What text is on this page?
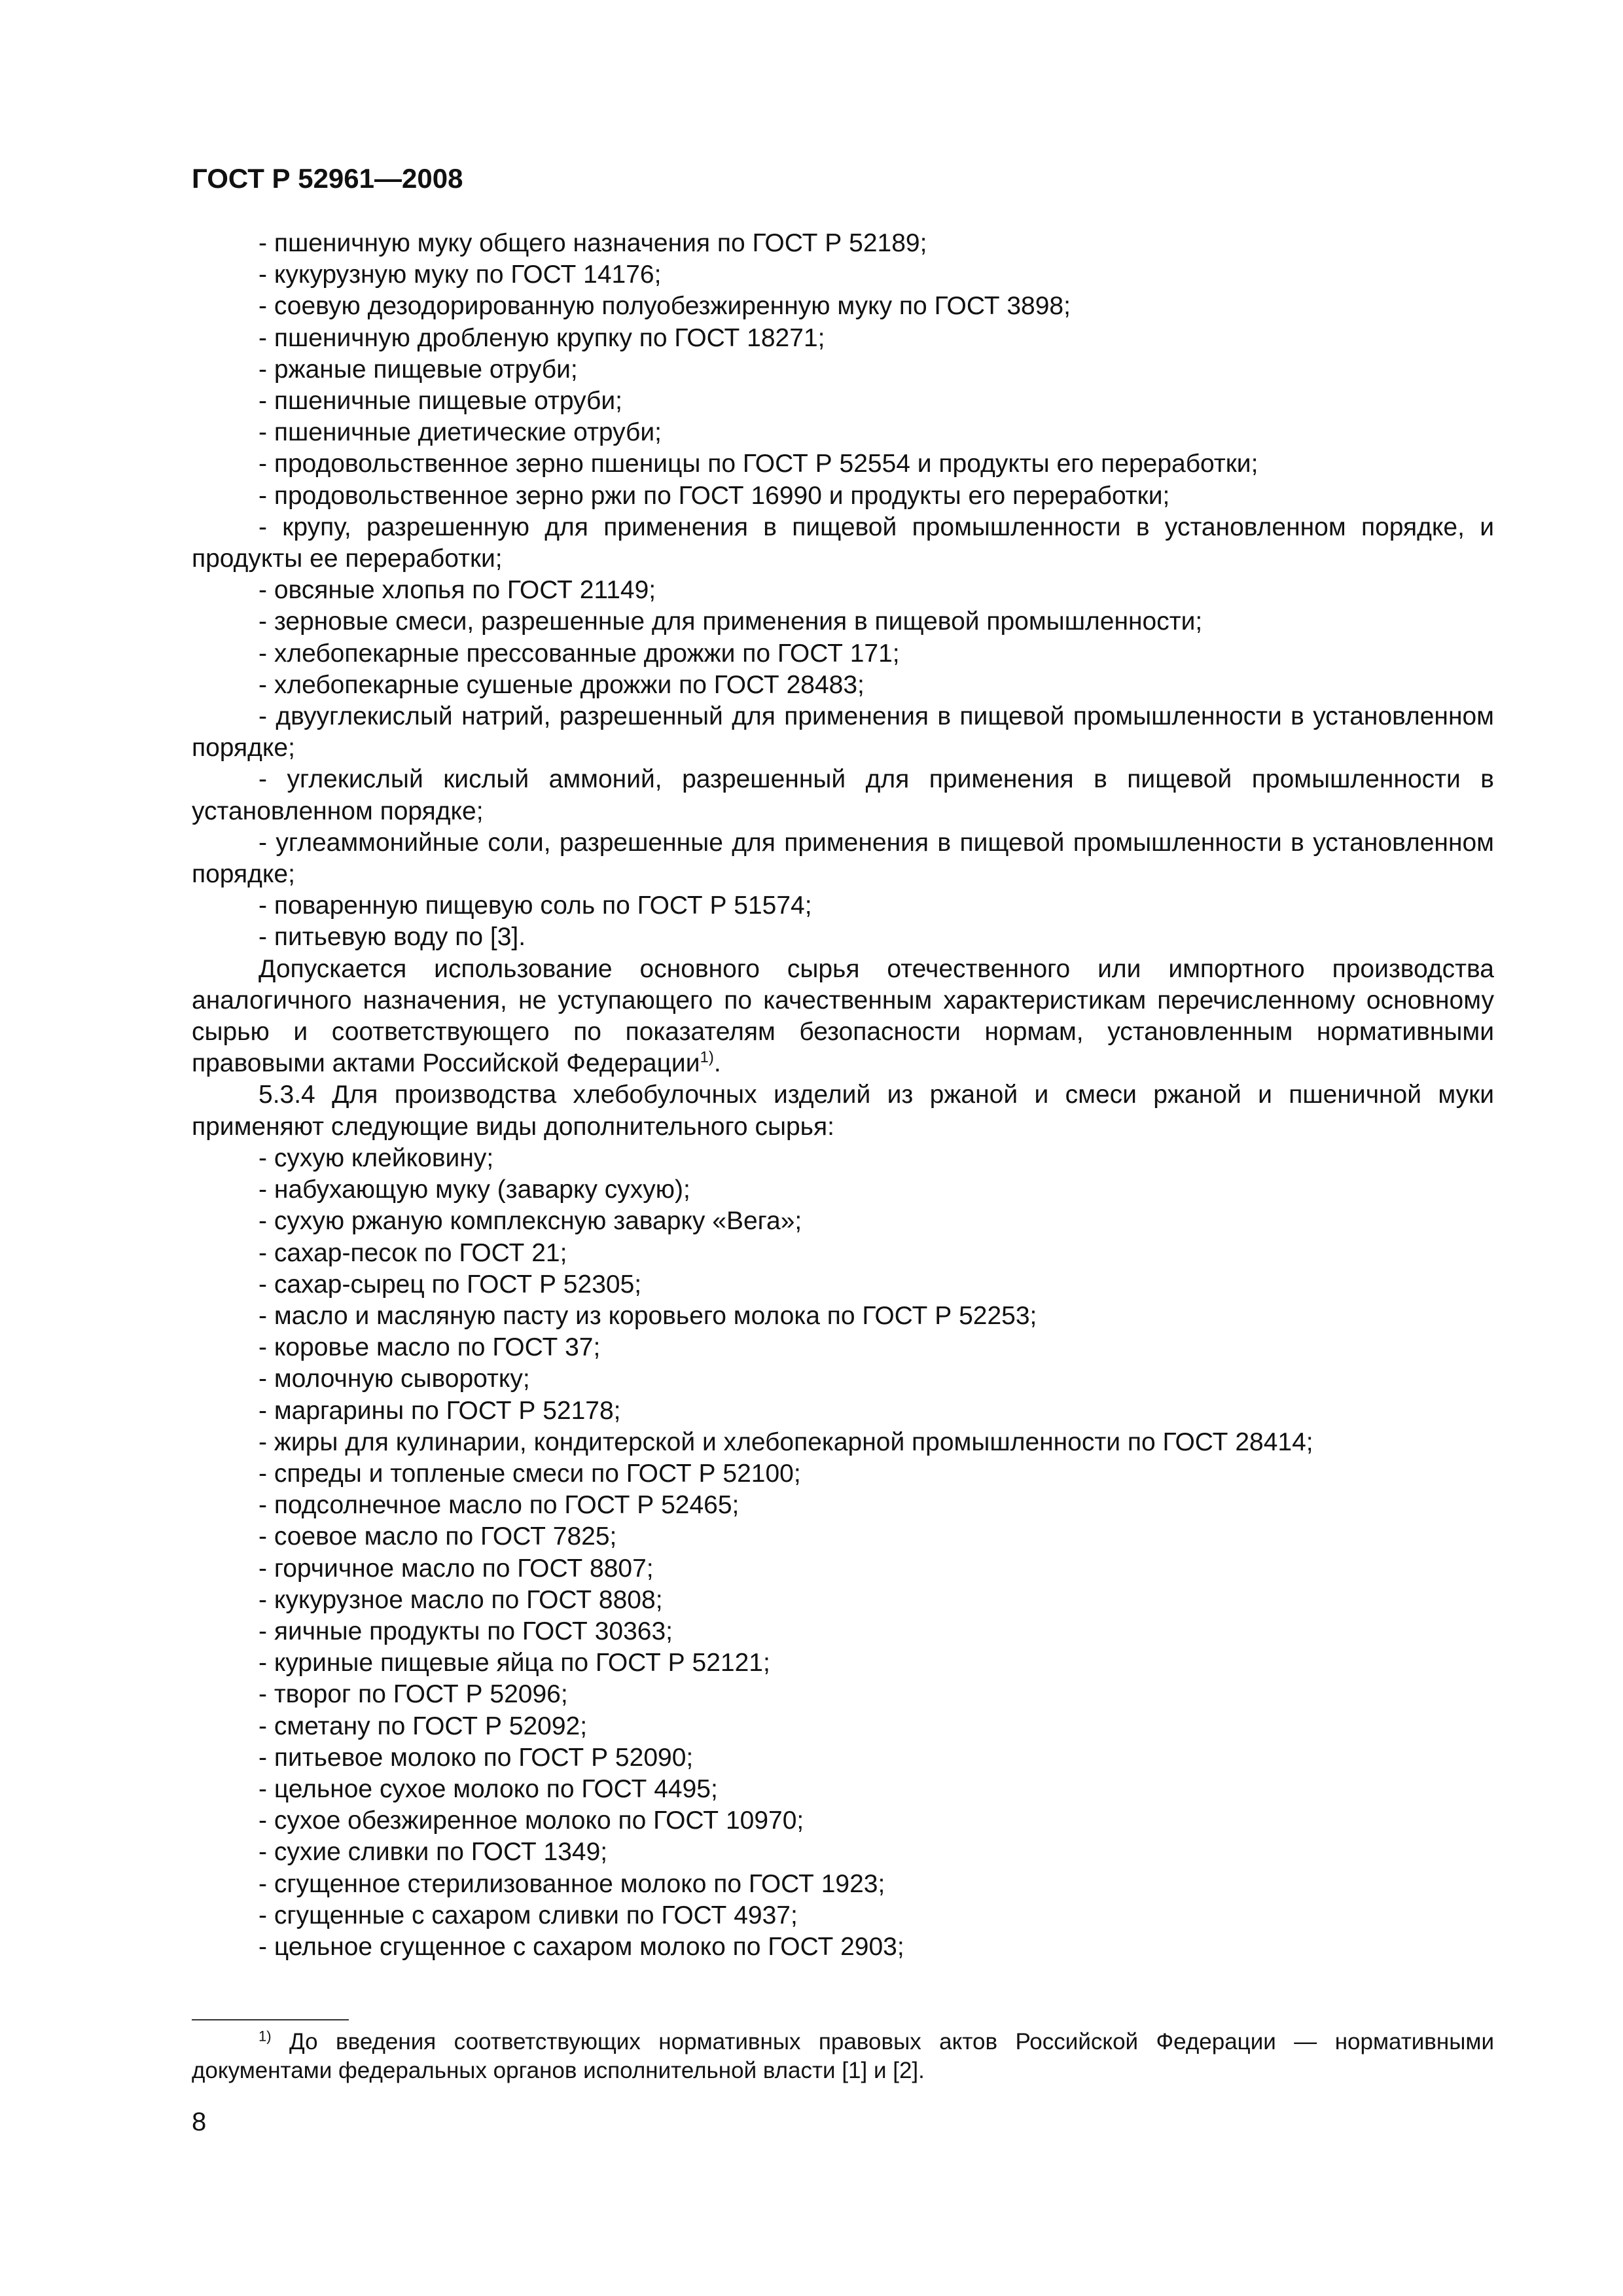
ГОСТ Р 52961—2008

- пшеничную муку общего назначения по ГОСТ Р 52189;

- кукурузную муку по ГОСТ 14176;

- соевую дезодорированную полуобезжиренную муку по ГОСТ 3898;

- пшеничную дробленую крупку по ГОСТ 18271;

- ржаные пищевые отруби;

- пшеничные пищевые отруби;

- пшеничные диетические отруби;

- продовольственное зерно пшеницы по ГОСТ Р 52554 и продукты его переработки;

- продовольственное зерно ржи по ГОСТ 16990 и продукты его переработки;

- крупу, разрешенную для применения в пищевой промышленности в установленном порядке, и продукты ее переработки;

- овсяные хлопья по ГОСТ 21149;

- зерновые смеси, разрешенные для применения в пищевой промышленности;

- хлебопекарные прессованные дрожжи по ГОСТ 171;

- хлебопекарные сушеные дрожжи по ГОСТ 28483;

- двууглекислый натрий, разрешенный для применения в пищевой промышленности в установленном порядке;

- углекислый кислый аммоний, разрешенный для применения в пищевой промышленности в установленном порядке;

- углеаммонийные соли, разрешенные для применения в пищевой промышленности в установленном порядке;

- поваренную пищевую соль по ГОСТ Р 51574;

- питьевую воду по [3].

Допускается использование основного сырья отечественного или импортного производства аналогичного назначения, не уступающего по качественным характеристикам перечисленному основному сырью и соответствующего по показателям безопасности нормам, установленным нормативными правовыми актами Российской Федерации$^{1)}$.

5.3.4 Для производства хлебобулочных изделий из ржаной и смеси ржаной и пшеничной муки применяют следующие виды дополнительного сырья:

- сухую клейковину;

- набухающую муку (заварку сухую);

- сухую ржаную комплексную заварку «Вега»;

- сахар-песок по ГОСТ 21;

- сахар-сырец по ГОСТ Р 52305;

- масло и масляную пасту из коровьего молока по ГОСТ Р 52253;

- коровье масло по ГОСТ 37;

- молочную сыворотку;

- маргарины по ГОСТ Р 52178;

- жиры для кулинарии, кондитерской и хлебопекарной промышленности по ГОСТ 28414;

- спреды и топленые смеси по ГОСТ Р 52100;

- подсолнечное масло по ГОСТ Р 52465;

- соевое масло по ГОСТ 7825;

- горчичное масло по ГОСТ 8807;

- кукурузное масло по ГОСТ 8808;

- яичные продукты по ГОСТ 30363;

- куриные пищевые яйца по ГОСТ Р 52121;

- творог по ГОСТ Р 52096;

- сметану по ГОСТ Р 52092;

- питьевое молоко по ГОСТ Р 52090;

- цельное сухое молоко по ГОСТ 4495;

- сухое обезжиренное молоко по ГОСТ 10970;

- сухие сливки по ГОСТ 1349;

- сгущенное стерилизованное молоко по ГОСТ 1923;

- сгущенные с сахаром сливки по ГОСТ 4937;

- цельное сгущенное с сахаром молоко по ГОСТ 2903;

$^{1)}$ До введения соответствующих нормативных правовых актов Российской Федерации — нормативными документами федеральных органов исполнительной власти [1] и [2].
8
